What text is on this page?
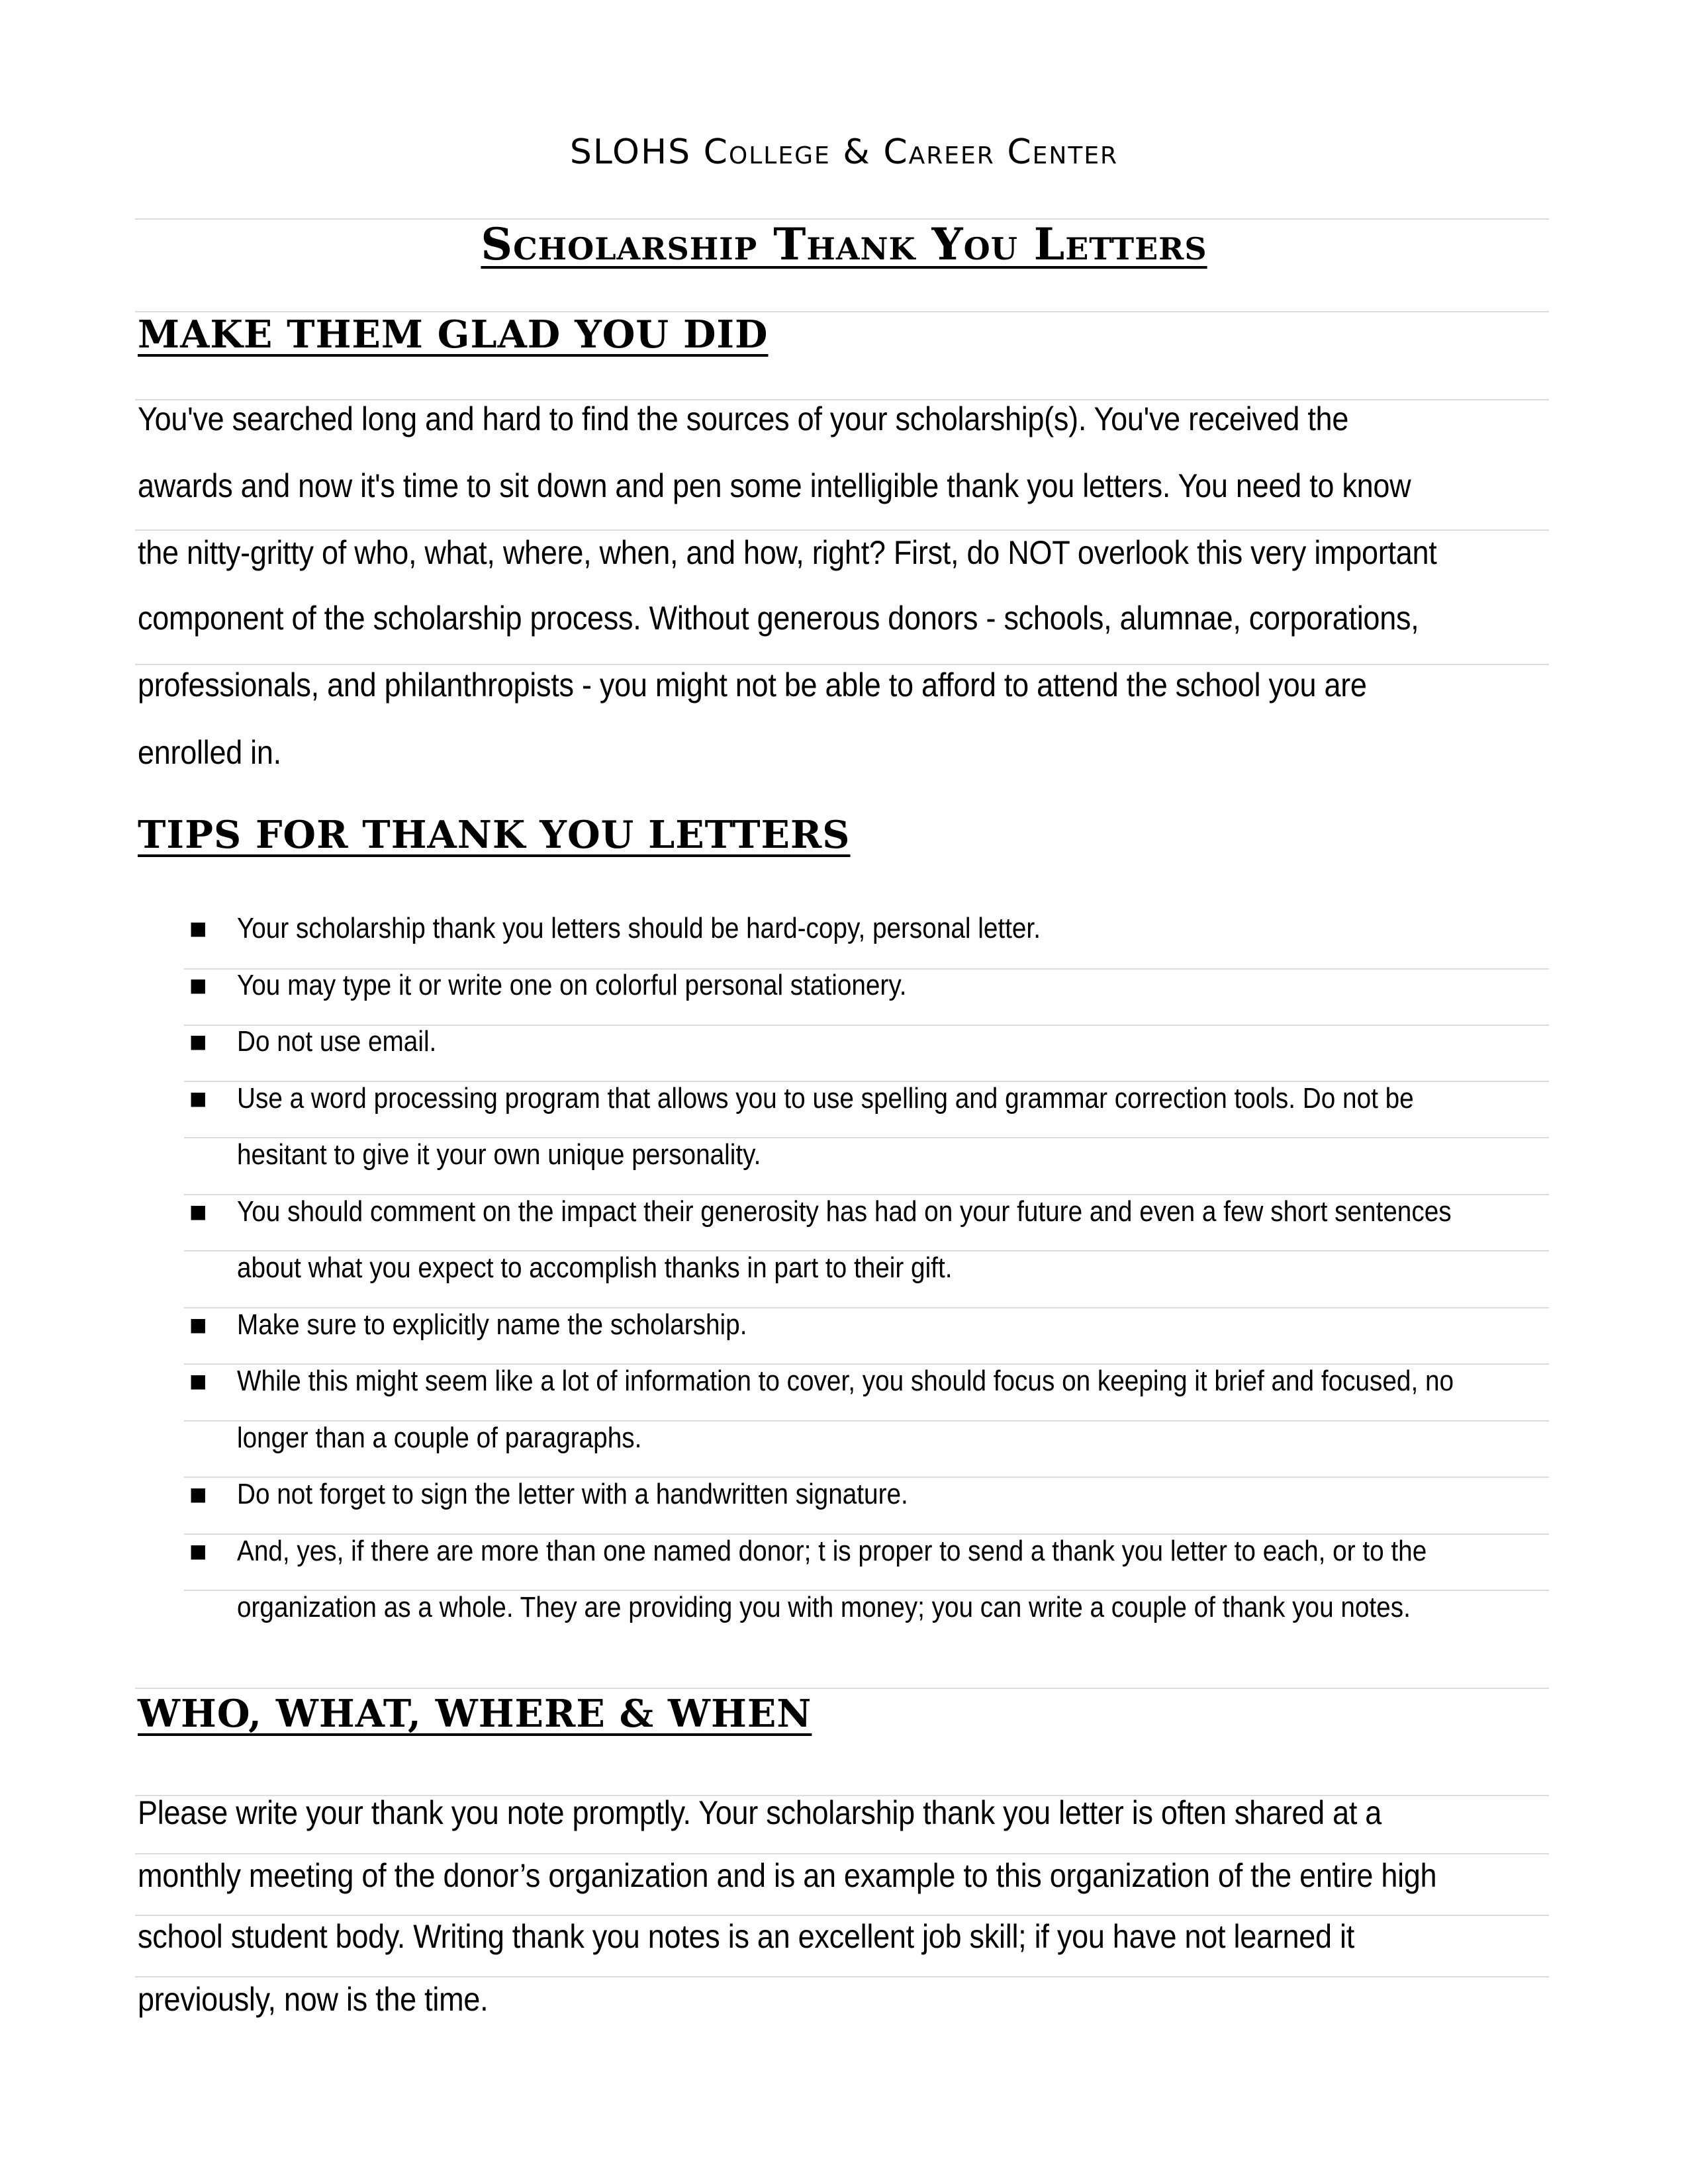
SLOHS College & Career Center
Scholarship Thank You Letters
MAKE THEM GLAD YOU DID
You've searched long and hard to find the sources of your scholarship(s). You've received the
awards and now it's time to sit down and pen some intelligible thank you letters. You need to know
the nitty-gritty of who, what, where, when, and how, right? First, do NOT overlook this very important
component of the scholarship process. Without generous donors - schools, alumnae, corporations,
professionals, and philanthropists - you might not be able to afford to attend the school you are
enrolled in.
TIPS FOR THANK YOU LETTERS
■ Your scholarship thank you letters should be hard-copy, personal letter.
■ You may type it or write one on colorful personal stationery.
■ Do not use email.
■ Use a word processing program that allows you to use spelling and grammar correction tools. Do not be
hesitant to give it your own unique personality.
■ You should comment on the impact their generosity has had on your future and even a few short sentences
about what you expect to accomplish thanks in part to their gift.
■ Make sure to explicitly name the scholarship.
■ While this might seem like a lot of information to cover, you should focus on keeping it brief and focused, no
longer than a couple of paragraphs.
■ Do not forget to sign the letter with a handwritten signature.
■ And, yes, if there are more than one named donor; t is proper to send a thank you letter to each, or to the
organization as a whole. They are providing you with money; you can write a couple of thank you notes.
WHO, WHAT, WHERE & WHEN
Please write your thank you note promptly. Your scholarship thank you letter is often shared at a
monthly meeting of the donor’s organization and is an example to this organization of the entire high
school student body. Writing thank you notes is an excellent job skill; if you have not learned it
previously, now is the time.
